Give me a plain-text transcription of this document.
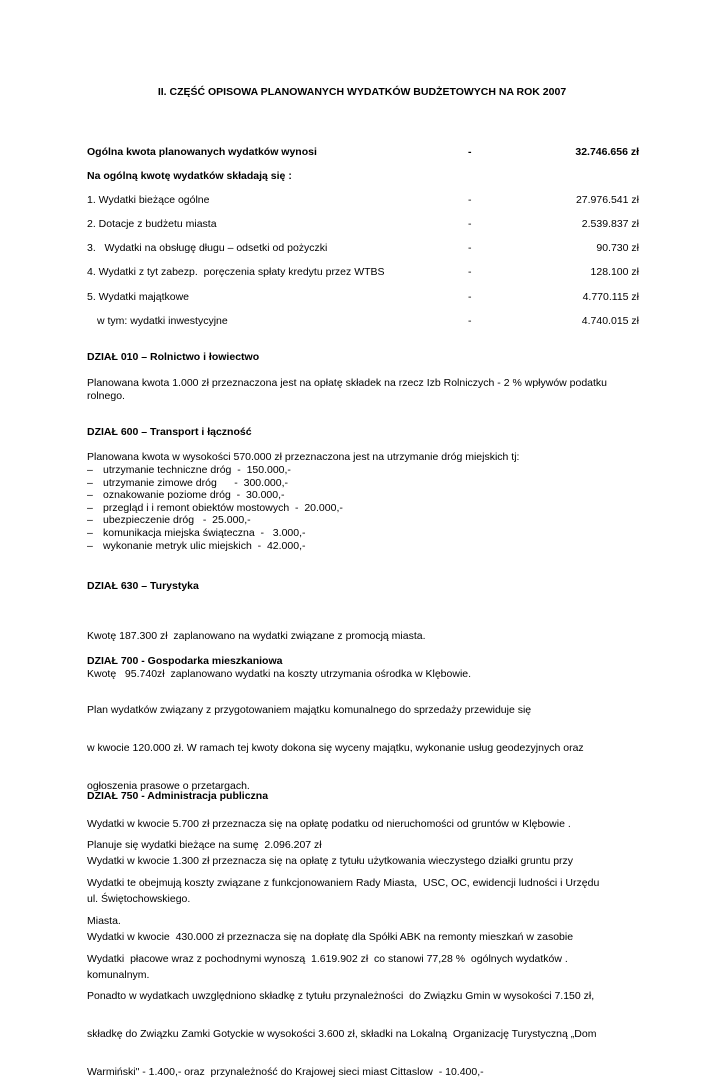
II. CZĘŚĆ OPISOWA PLANOWANYCH WYDATKÓW BUDŻETOWYCH NA ROK 2007
Ogólna kwota planowanych wydatków wynosi	-	32.746.656 zł
Na ogólną kwotę wydatków składają się :
1. Wydatki bieżące ogólne	-	27.976.541 zł
2. Dotacje z budżetu miasta	-	2.539.837 zł
3.   Wydatki na obsługę długu – odsetki od pożyczki	-	90.730 zł
4. Wydatki z tyt zabezp.  poręczenia spłaty kredytu przez WTBS	-	128.100 zł
5. Wydatki majątkowe	-	4.770.115 zł
w tym: wydatki inwestycyjne	-	4.740.015 zł
DZIAŁ 010 – Rolnictwo i łowiectwo

Planowana kwota 1.000 zł przeznaczona jest na opłatę składek na rzecz Izb Rolniczych - 2 % wpływów podatku rolnego.

DZIAŁ 600 – Transport i łączność

Planowana kwota w wysokości 570.000 zł przeznaczona jest na utrzymanie dróg miejskich tj:

– utrzymanie techniczne dróg  -  150.000,-
– utrzymanie zimowe dróg      -  300.000,-
– oznakowanie poziome dróg  -  30.000,-
– przegląd i i remont obiektów mostowych  -  20.000,-
– ubezpieczenie dróg   -  25.000,-
– komunikacja miejska świąteczna  -   3.000,-
– wykonanie metryk ulic miejskich  -  42.000,-
DZIAŁ 630 – Turystyka

Kwotę 187.300 zł  zaplanowano na wydatki związane z promocją miasta.

Kwotę   95.740zł  zaplanowano wydatki na koszty utrzymania ośrodka w Klębowie.

DZIAŁ 700 - Gospodarka mieszkaniowa

Plan wydatków związany z przygotowaniem majątku komunalnego do sprzedaży przewiduje się

w kwocie 120.000 zł. W ramach tej kwoty dokona się wyceny majątku, wykonanie usług geodezyjnych oraz

ogłoszenia prasowe o przetargach.

Wydatki w kwocie 5.700 zł przeznacza się na opłatę podatku od nieruchomości od gruntów w Klębowie .

Wydatki w kwocie 1.300 zł przeznacza się na opłatę z tytułu użytkowania wieczystego działki gruntu przy

ul. Świętochowskiego.

Wydatki w kwocie  430.000 zł przeznacza się na dopłatę dla Spółki ABK na remonty mieszkań w zasobie

komunalnym.

DZIAŁ 750 - Administracja publiczna

Planuje się wydatki bieżące na sumę  2.096.207 zł

Wydatki te obejmują koszty związane z funkcjonowaniem Rady Miasta,  USC, OC, ewidencji ludności i Urzędu

Miasta.

Wydatki  płacowe wraz z pochodnymi wynoszą  1.619.902 zł  co stanowi 77,28 %  ogólnych wydatków .

Ponadto w wydatkach uwzględniono składkę z tytułu przynależności  do Związku Gmin w wysokości 7.150 zł,

składkę do Związku Zamki Gotyckie w wysokości 3.600 zł, składki na Lokalną  Organizację Turystyczną „Dom

Warmiński" - 1.400,- oraz  przynależność do Krajowej sieci miast Cittaslow  - 10.400,-
